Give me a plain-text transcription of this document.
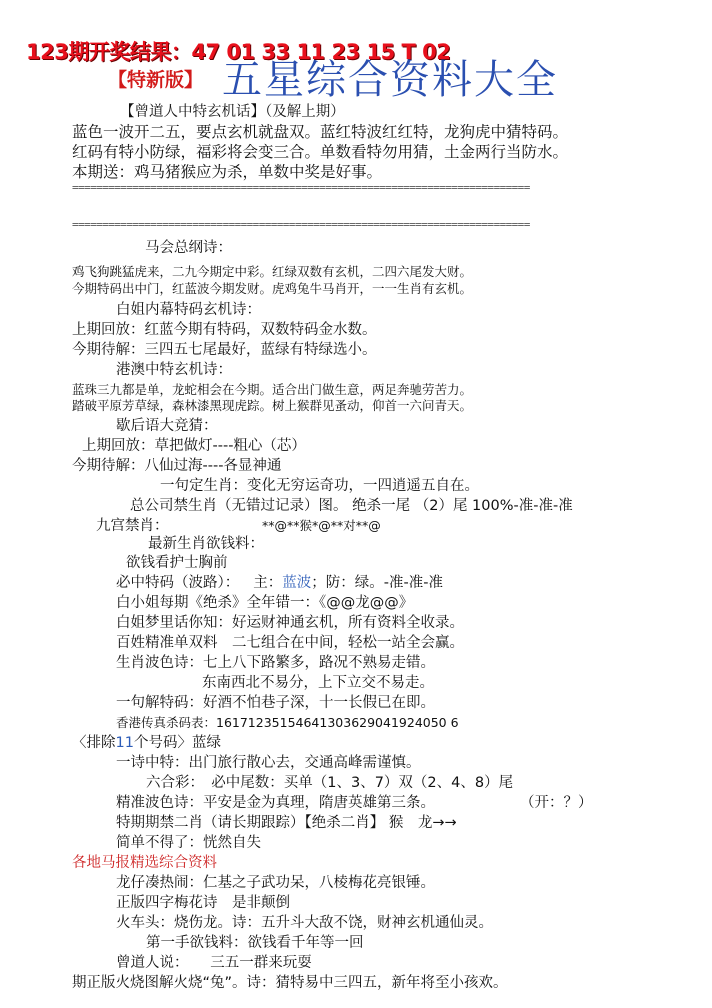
123期开奖结果：47 01 33 11 23 15 T 02
【特新版】 五星综合资料大全
【曾道人中特玄机话】（及解上期）
蓝色一波开二五，要点玄机就盘双。蓝红特波红红特，龙狗虎中猜特码。
红码有特小防绿，福彩将会变三合。单数看特勿用猜，土金两行当防水。
本期送：鸡马猪猴应为杀，单数中奖是好事。
============================================================================
============================================================================
马会总纲诗：
鸡飞狗跳猛虎来，二九今期定中彩。红绿双数有玄机，二四六尾发大财。
今期特码出中门，红蓝波今期发财。虎鸡兔牛马肖开，一一生肖有玄机。
白姐内幕特码玄机诗：
上期回放：红蓝今期有特码，双数特码金水数。
今期待解：三四五七尾最好，蓝绿有特绿选小。
港澳中特玄机诗：
蓝珠三九都是单，龙蛇相会在今期。适合出门做生意，两足奔驰劳苦力。
踏破平原芳草绿，森林漆黑现虎踪。树上猴群见蚤动，仰首一六问青天。
歇后语大竞猜：
上期回放：草把做灯----粗心（芯）
今期待解：八仙过海----各显神通
一句定生肖：变化无穷运奇功，一四逍遥五自在。
总公司禁生肖（无错过记录）图。 绝杀一尾 （2）尾 100%-准-准-准
九宫禁肖：	**@**猴*@**对**@
最新生肖欲钱料：
欲钱看护士胸前
必中特码（波路）： 主：蓝波；防：绿。-准-准-准
白小姐每期《绝杀》全年错一：《@@龙@@》
白姐梦里话你知：好运财神通玄机，所有资料全收录。
百姓精准单双料　二七组合在中间，轻松一站全会赢。
生肖波色诗：七上八下路繁多，路况不熟易走错。
东南西北不易分，上下立交不易走。
一句解特码：好酒不怕巷子深，十一长假已在即。
香港传真杀码表：16171235154641303629041924050 6
〈排除11个号码〉蓝绿
一诗中特：出门旅行散心去，交通高峰需谨慎。
六合彩：　必中尾数：买单（1、3、7）双（2、4、8）尾
精准波色诗：平安是金为真理，隋唐英雄第三条。	（开：？）
特期期禁二肖（请长期跟踪）【绝杀二肖】 猴　龙→→
简单不得了：恍然自失
各地马报精选综合资料
龙仔凑热闹：仁基之子武功呆，八棱梅花亮银锤。
正版四字梅花诗　是非颠倒
火车头：烧伤龙。诗：五升斗大敌不饶，财神玄机通仙灵。
第一手欲钱料：欲钱看千年等一回
曾道人说：　　三五一群来玩耍
期正版火烧图解火烧“兔”。诗：猜特易中三四五，新年将至小孩欢。
